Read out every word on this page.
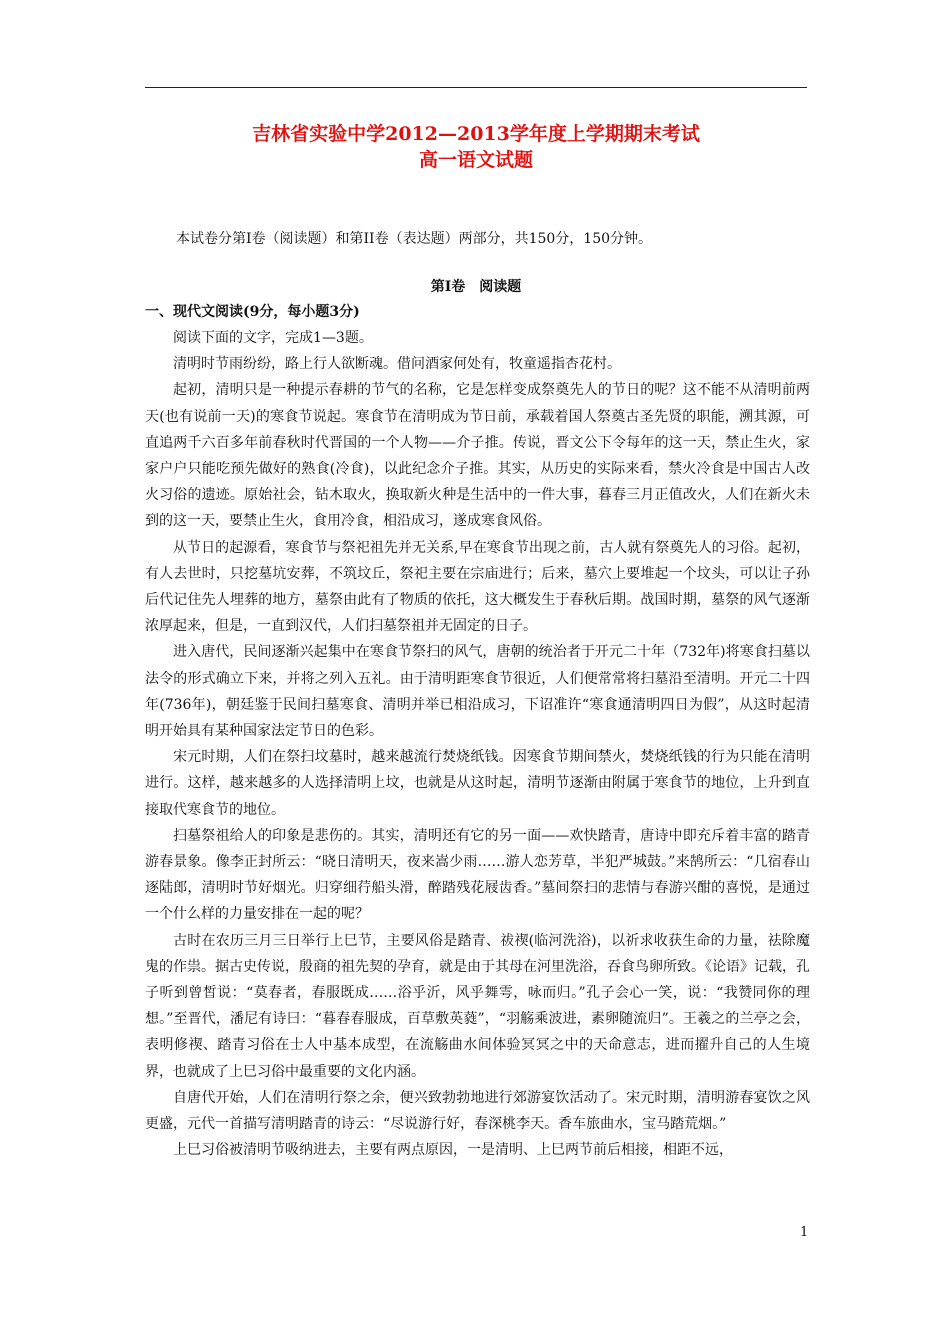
吉林省实验中学2012—2013学年度上学期期末考试
高一语文试题
本试卷分第I卷（阅读题）和第II卷（表达题）两部分，共150分，150分钟。
第Ⅰ卷　阅读题
一、现代文阅读(9分，每小题3分)

阅读下面的文字，完成1—3题。

清明时节雨纷纷，路上行人欲断魂。借问酒家何处有，牧童遥指杏花村。

起初，清明只是一种提示春耕的节气的名称，它是怎样变成祭奠先人的节日的呢？这不能不从清明前两天(也有说前一天)的寒食节说起。寒食节在清明成为节日前，承载着国人祭奠古圣先贤的职能，溯其源，可直追两千六百多年前春秋时代晋国的一个人物——介子推。传说，晋文公下令每年的这一天，禁止生火，家家户户只能吃预先做好的熟食(冷食)，以此纪念介子推。其实，从历史的实际来看，禁火冷食是中国古人改火习俗的遗迹。原始社会，钻木取火，换取新火种是生活中的一件大事，暮春三月正值改火，人们在新火未到的这一天，要禁止生火，食用冷食，相沿成习，遂成寒食风俗。

从节日的起源看，寒食节与祭祀祖先并无关系,早在寒食节出现之前，古人就有祭奠先人的习俗。起初，有人去世时，只挖墓坑安葬，不筑坟丘，祭祀主要在宗庙进行；后来，墓穴上要堆起一个坟头，可以让子孙后代记住先人埋葬的地方，墓祭由此有了物质的依托，这大概发生于春秋后期。战国时期，墓祭的风气逐渐浓厚起来，但是，一直到汉代，人们扫墓祭祖并无固定的日子。

进入唐代，民间逐渐兴起集中在寒食节祭扫的风气，唐朝的统治者于开元二十年（732年)将寒食扫墓以法令的形式确立下来，并将之列入五礼。由于清明距寒食节很近，人们便常常将扫墓沿至清明。开元二十四年(736年)，朝廷鉴于民间扫墓寒食、清明并举已相沿成习，下诏准许“寒食通清明四日为假”，从这时起清明开始具有某种国家法定节日的色彩。

宋元时期，人们在祭扫坟墓时，越来越流行焚烧纸钱。因寒食节期间禁火，焚烧纸钱的行为只能在清明进行。这样，越来越多的人选择清明上坟，也就是从这时起，清明节逐渐由附属于寒食节的地位，上升到直接取代寒食节的地位。

扫墓祭祖给人的印象是悲伤的。其实，清明还有它的另一面——欢快踏青，唐诗中即充斥着丰富的踏青游春景象。像李正封所云：“晓日清明天，夜来嵩少雨……游人恋芳草，半犯严城鼓。”来鹄所云：“几宿春山逐陆郎，清明时节好烟光。归穿细荇船头滑，醉踏残花屐齿香。”墓间祭扫的悲情与春游兴酣的喜悦，是通过一个什么样的力量安排在一起的呢？

古时在农历三月三日举行上巳节，主要风俗是踏青、祓禊(临河洗浴)，以祈求收获生命的力量，祛除魔鬼的作祟。据古史传说，殷商的祖先契的孕育，就是由于其母在河里洗浴，吞食鸟卵所致。《论语》记载，孔子听到曾皙说：“莫春者，春服既成……浴乎沂，风乎舞雩，咏而归。”孔子会心一笑，说：“我赞同你的理想。”至晋代，潘尼有诗曰：“暮春春服成，百草敷英蕤”，“羽觞乘波进，素卵随流归”。王羲之的兰亭之会，表明修禊、踏青习俗在士人中基本成型，在流觞曲水间体验冥冥之中的天命意志，进而擢升自己的人生境界，也就成了上巳习俗中最重要的文化内涵。

自唐代开始，人们在清明行祭之余，便兴致勃勃地进行郊游宴饮活动了。宋元时期，清明游春宴饮之风更盛，元代一首描写清明踏青的诗云：“尽说游行好，春深桃李天。香车旅曲水，宝马踏荒烟。”

上巳习俗被清明节吸纳进去，主要有两点原因，一是清明、上巳两节前后相接，相距不远，

1
